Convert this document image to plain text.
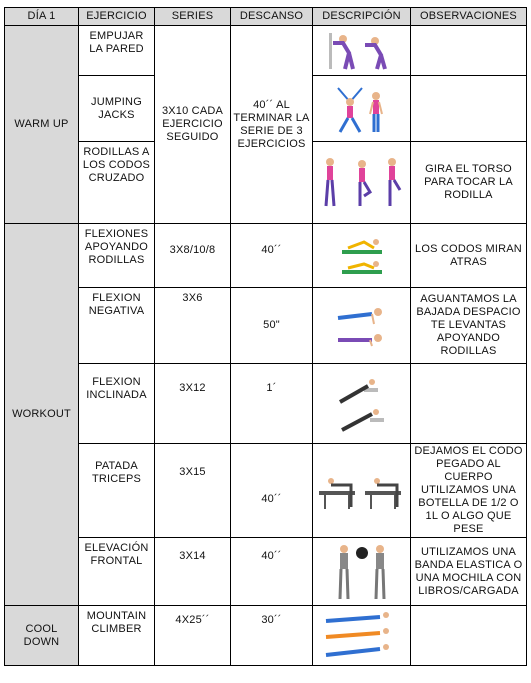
DÍA 1	EJERCICIO	SERIES	DESCANSO	DESCRIPCIÓN	OBSERVACIONES
WARM UP	EMPUJAR LA PARED	3X10 CADA EJERCICIO SEGUIDO	40´´ AL TERMINAR LA SERIE DE 3 EJERCICIOS	

	JUMPING JACKS	

	RODILLAS A LOS CODOS CRUZADO				GIRA EL TORSO PARA TOCAR LA RODILLA
WORKOUT	FLEXIONES APOYANDO RODILLAS	3X8/10/8	40´´		LOS CODOS MIRAN ATRAS
	FLEXION NEGATIVA	3X6	50"		AGUANTAMOS LA BAJADA DESPACIO TE LEVANTAS APOYANDO RODILLAS
	FLEXION INCLINADA	3X12	1´	

	PATADA TRICEPS	3X15	40´´		DEJAMOS EL CODO PEGADO AL CUERPO UTILIZAMOS UNA BOTELLA DE 1/2 O 1L O ALGO QUE PESE
	ELEVACIÓN FRONTAL	3X14	40´´		UTILIZAMOS UNA BANDA ELASTICA O UNA MOCHILA CON LIBROS/CARGADA
COOL DOWN	MOUNTAIN CLIMBER	4X25´´	30´´	
